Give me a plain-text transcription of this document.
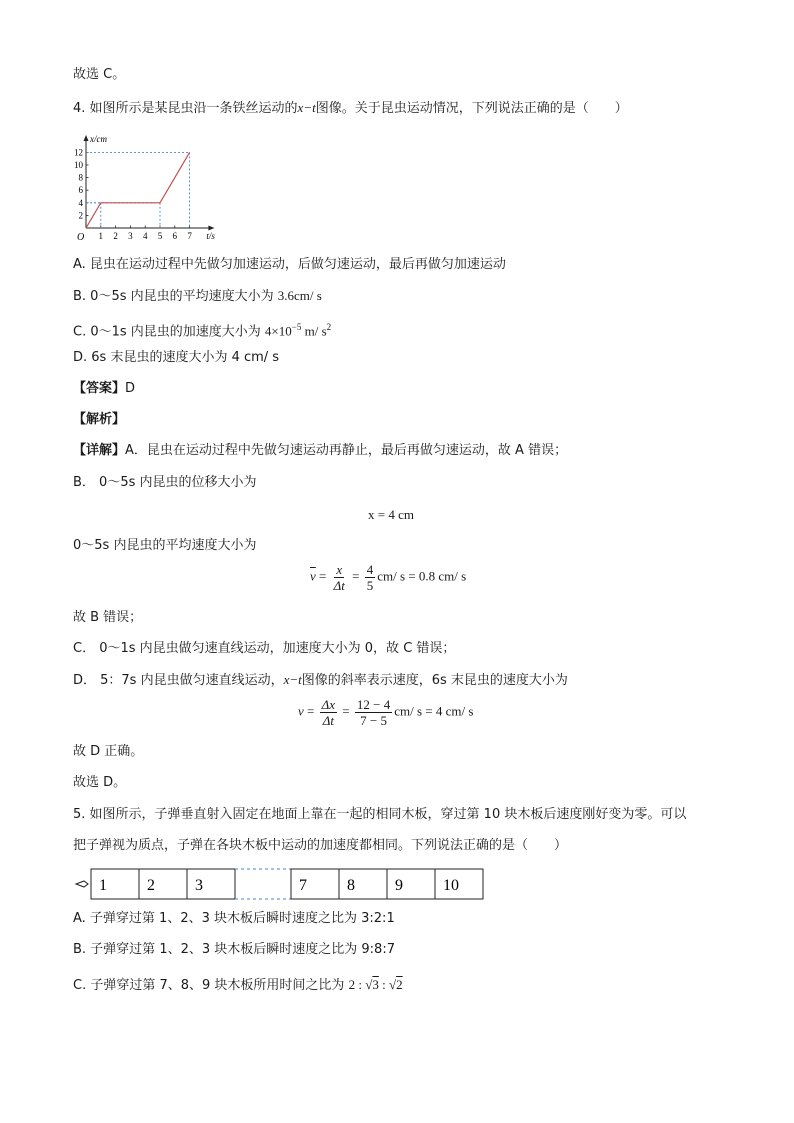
故选 C。
4. 如图所示是某昆虫沿一条铁丝运动的x−t图像。关于昆虫运动情况，下列说法正确的是（　　）
1 2 3 4 5 6 7
2
4
6
8
10
12
O
x/cm
t/s
A. 昆虫在运动过程中先做匀加速运动，后做匀速运动，最后再做匀加速运动
B. 0～5s 内昆虫的平均速度大小为 3.6cm/ s
C. 0～1s 内昆虫的加速度大小为 $4\times 10^{-5}$ m/ $s^2$
D. 6s 末昆虫的速度大小为 4 cm/ s
【答案】D
【解析】
【详解】A．昆虫在运动过程中先做匀速运动再静止，最后再做匀速运动，故 A 错误；
B． 0～5s 内昆虫的位移大小为
x = 4 cm
0～5s 内昆虫的平均速度大小为
$\overline{v} = \frac{x}{\Delta t} = \frac{4}{5} cm/$ s = 0.8 cm/ s
故 B 错误；
C． 0～1s 内昆虫做匀速直线运动，加速度大小为 0，故 C 错误；
D． 5：7s 内昆虫做匀速直线运动，x−t图像的斜率表示速度，6s 末昆虫的速度大小为
$v = \frac{\Delta x}{\Delta t} = \frac{12 - 4}{7 - 5} cm/$ s = 4 cm/ s
故 D 正确。
故选 D。
5. 如图所示，子弹垂直射入固定在地面上靠在一起的相同木板，穿过第 10 块木板后速度刚好变为零。可以
把子弹视为质点，子弹在各块木板中运动的加速度都相同。下列说法正确的是（　　）
1	2	3	7	8	9	10
A. 子弹穿过第 1、2、3 块木板后瞬时速度之比为 3:2:1
B. 子弹穿过第 1、2、3 块木板后瞬时速度之比为 9:8:7
C. 子弹穿过第 7、8、9 块木板所用时间之比为 2 : √3 : √2
